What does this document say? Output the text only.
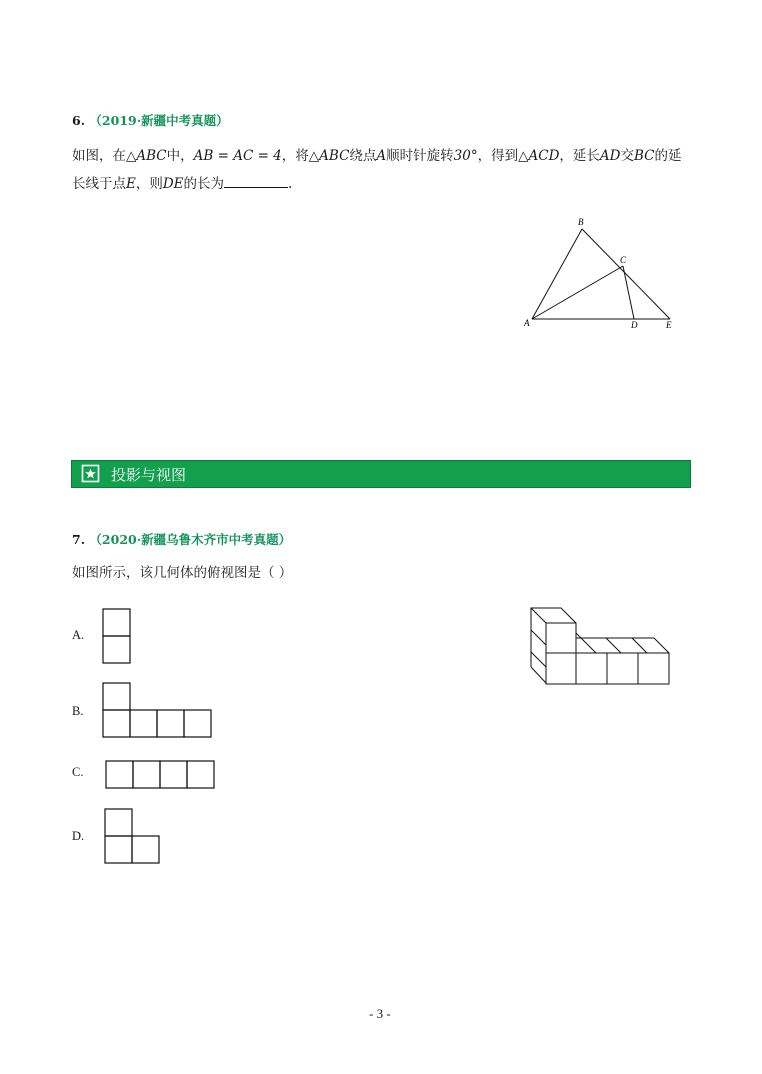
6. （2019·新疆中考真题）
如图，在△ABC中，AB = AC = 4，将△ABC绕点A顺时针旋转30°，得到△ACD，延长AD交BC的延
长线于点E，则DE的长为	.
B
C
A	D	E
投影与视图
7. （2020·新疆乌鲁木齐市中考真题）
如图所示，该几何体的俯视图是（ ）
A.
B.
C.
D.
- 3 -
